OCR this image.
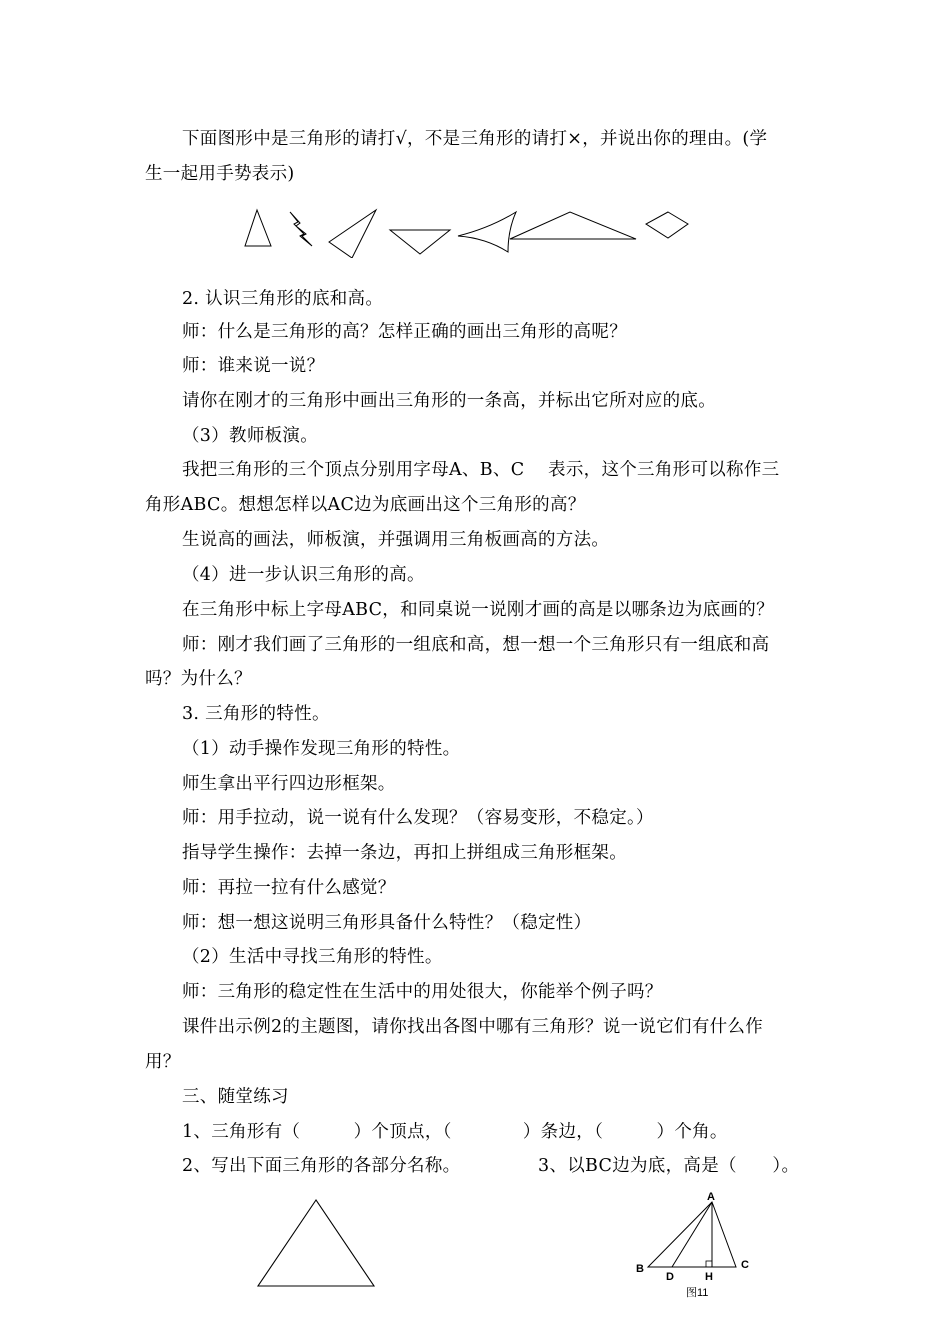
下面图形中是三角形的请打√，不是三角形的请打×，并说出你的理由。(学
生一起用手势表示)
2. 认识三角形的底和高。
师：什么是三角形的高？怎样正确的画出三角形的高呢？
师：谁来说一说？
请你在刚才的三角形中画出三角形的一条高，并标出它所对应的底。
（3）教师板演。
我把三角形的三个顶点分别用字母A、B、C　 表示，这个三角形可以称作三
角形ABC。想想怎样以AC边为底画出这个三角形的高？
生说高的画法，师板演，并强调用三角板画高的方法。
（4）进一步认识三角形的高。
在三角形中标上字母ABC，和同桌说一说刚才画的高是以哪条边为底画的？
师：刚才我们画了三角形的一组底和高，想一想一个三角形只有一组底和高
吗？为什么？
3. 三角形的特性。
（1）动手操作发现三角形的特性。
师生拿出平行四边形框架。
师：用手拉动，说一说有什么发现？（容易变形，不稳定。）
指导学生操作：去掉一条边，再扣上拼组成三角形框架。
师：再拉一拉有什么感觉？
师：想一想这说明三角形具备什么特性？（稳定性）
（2）生活中寻找三角形的特性。
师：三角形的稳定性在生活中的用处很大，你能举个例子吗？
课件出示例2的主题图，请你找出各图中哪有三角形？说一说它们有什么作
用？
三、随堂练习
1、三角形有（　　　）个顶点，（　　　　）条边，（　　　）个角。
2、写出下面三角形的各部分名称。	3、以BC边为底，高是（　　）。
A
B	C
D	H
图11
